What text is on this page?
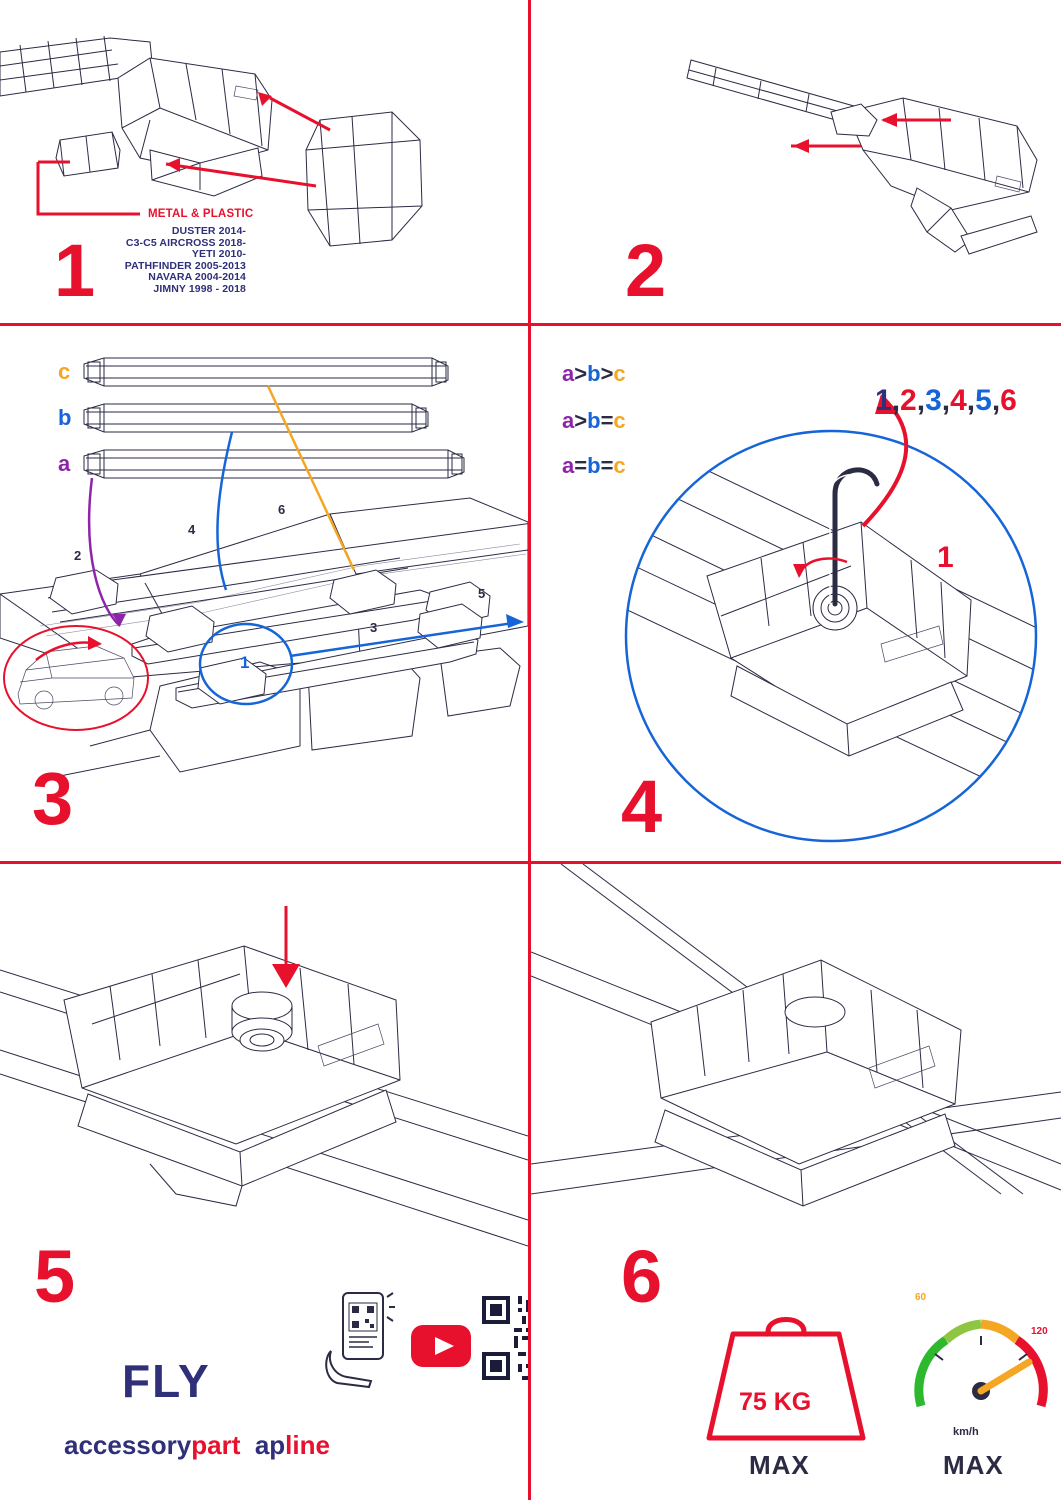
METAL & PLASTIC
DUSTER 2014-
C3-C5 AIRCROSS 2018-
YETI 2010-
PATHFINDER 2005-2013
NAVARA 2004-2014
JIMNY 1998 - 2018
1	2
c
b
a
2
4
6
3
5
1
3
a>b>c
a>b=c
a=b=c
1,2,3,4,5,6
1
4
5
FLY
accessorypart apline
6
75 KG
MAX
60
120
km/h
MAX
